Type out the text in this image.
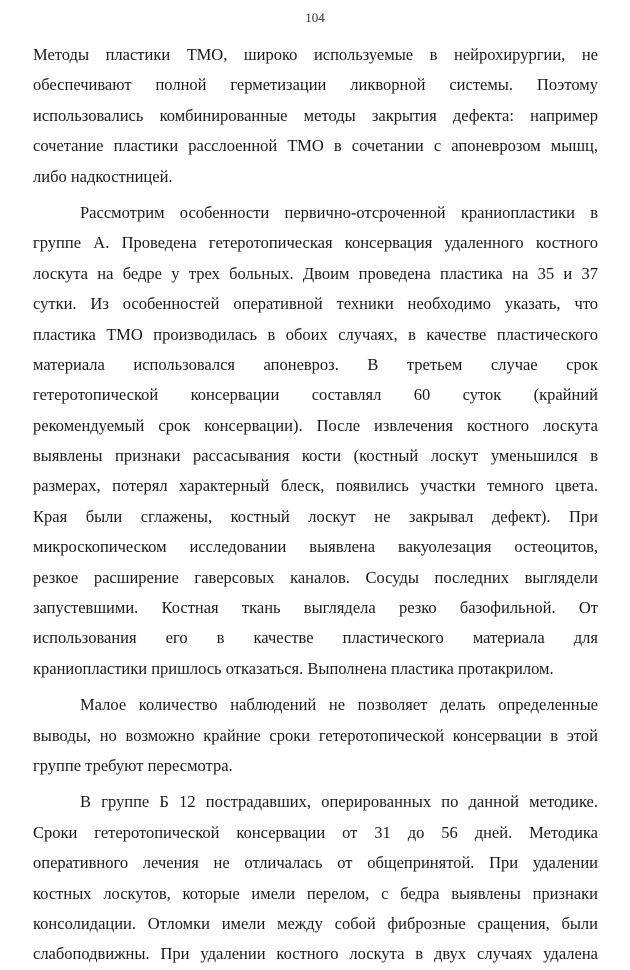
104
Методы пластики ТМО, широко используемые в нейрохирургии, не
обеспечивают полной герметизации ликворной системы. Поэтому
использовались комбинированные методы закрытия дефекта: например
сочетание пластики расслоенной ТМО в сочетании с апоневрозом мышц,
либо надкостницей.
Рассмотрим особенности первично-отсроченной краниопластики в
группе А. Проведена гетеротопическая консервация удаленного костного
лоскута на бедре у трех больных. Двоим проведена пластика на 35 и 37
сутки. Из особенностей оперативной техники необходимо указать, что
пластика ТМО производилась в обоих случаях, в качестве пластического
материала использовался апоневроз. В третьем случае срок
гетеротопической консервации составлял 60 суток (крайний
рекомендуемый срок консервации). После извлечения костного лоскута
выявлены признаки рассасывания кости (костный лоскут уменьшился в
размерах, потерял характерный блеск, появились участки темного цвета.
Края были сглажены, костный лоскут не закрывал дефект). При
микроскопическом исследовании выявлена вакуолезация остеоцитов,
резкое расширение гаверсовых каналов. Сосуды последних выглядели
запустевшими. Костная ткань выглядела резко базофильной. От
использования его в качестве пластического материала для
краниопластики пришлось отказаться. Выполнена пластика протакрилом.
Малое количество наблюдений не позволяет делать определенные
выводы, но возможно крайние сроки гетеротопической консервации в этой
группе требуют пересмотра.
В группе Б 12 пострадавших, оперированных по данной методике.
Сроки гетеротопической консервации от 31 до 56 дней. Методика
оперативного лечения не отличалась от общепринятой. При удалении
костных лоскутов, которые имели перелом, с бедра выявлены признаки
консолидации. Отломки имели между собой фиброзные сращения, были
слабоподвижны. При удалении костного лоскута в двух случаях удалена
